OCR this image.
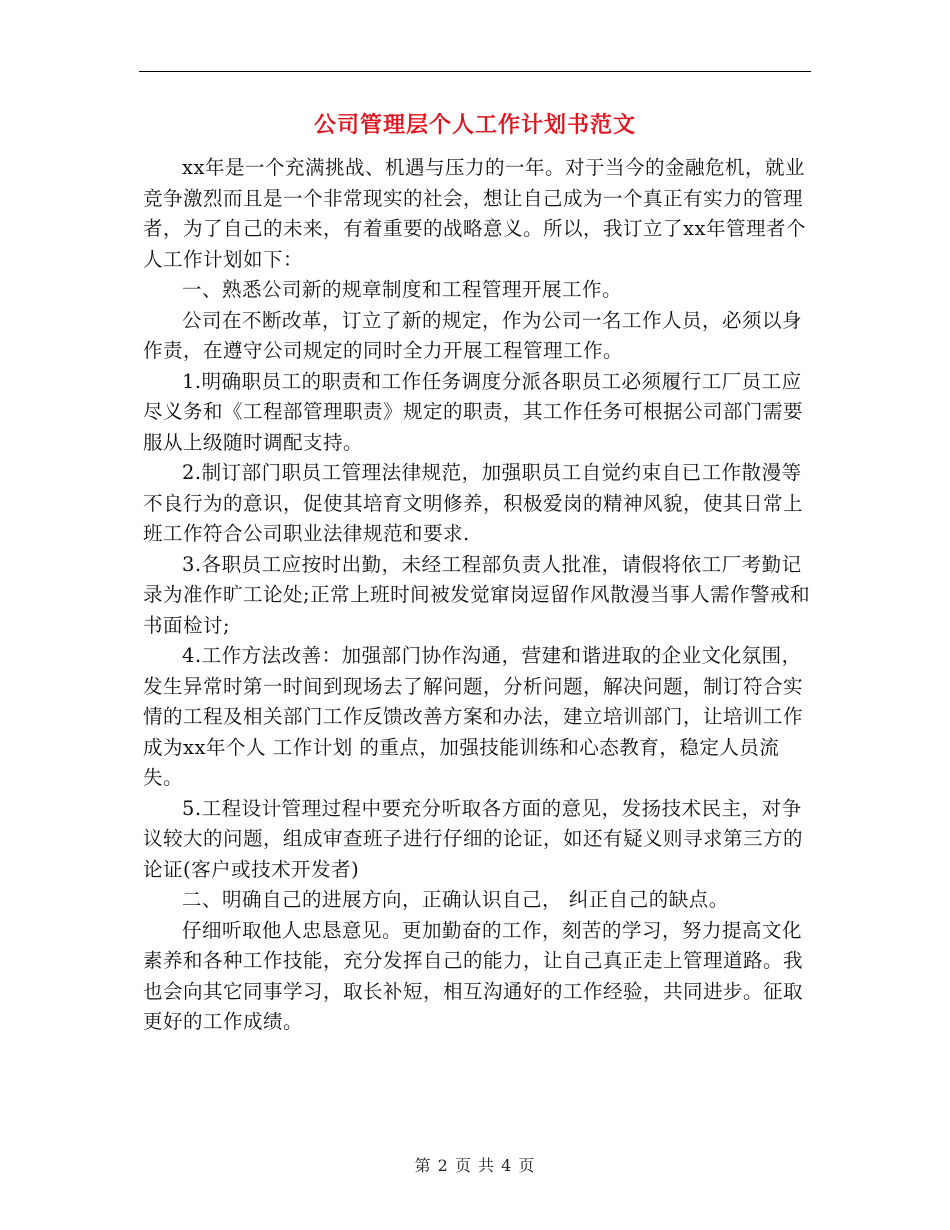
公司管理层个人工作计划书范文

xx年是一个充满挑战、机遇与压力的一年。对于当今的金融危机，就业竞争激烈而且是一个非常现实的社会，想让自己成为一个真正有实力的管理者，为了自己的未来，有着重要的战略意义。所以，我订立了xx年管理者个人工作计划如下：

一、熟悉公司新的规章制度和工程管理开展工作。

公司在不断改革，订立了新的规定，作为公司一名工作人员，必须以身作责，在遵守公司规定的同时全力开展工程管理工作。

1.明确职员工的职责和工作任务调度分派各职员工必须履行工厂员工应尽义务和《工程部管理职责》规定的职责，其工作任务可根据公司部门需要服从上级随时调配支持。

2.制订部门职员工管理法律规范，加强职员工自觉约束自已工作散漫等不良行为的意识，促使其培育文明修养，积极爱岗的精神风貌，使其日常上班工作符合公司职业法律规范和要求.

3.各职员工应按时出勤，未经工程部负责人批准，请假将依工厂考勤记录为准作旷工论处;正常上班时间被发觉窜岗逗留作风散漫当事人需作警戒和书面检讨;

4.工作方法改善：加强部门协作沟通，营建和谐进取的企业文化氛围，发生异常时第一时间到现场去了解问题，分析问题，解决问题，制订符合实情的工程及相关部门工作反馈改善方案和办法，建立培训部门，让培训工作成为xx年个人 工作计划 的重点，加强技能训练和心态教育，稳定人员流失。

5.工程设计管理过程中要充分听取各方面的意见，发扬技术民主，对争议较大的问题，组成审查班子进行仔细的论证，如还有疑义则寻求第三方的论证(客户或技术开发者)

二、明确自己的进展方向，正确认识自己， 纠正自己的缺点。

仔细听取他人忠恳意见。更加勤奋的工作，刻苦的学习，努力提高文化素养和各种工作技能，充分发挥自己的能力，让自己真正走上管理道路。我也会向其它同事学习，取长补短，相互沟通好的工作经验，共同进步。征取更好的工作成绩。

第 2 页 共 4 页
